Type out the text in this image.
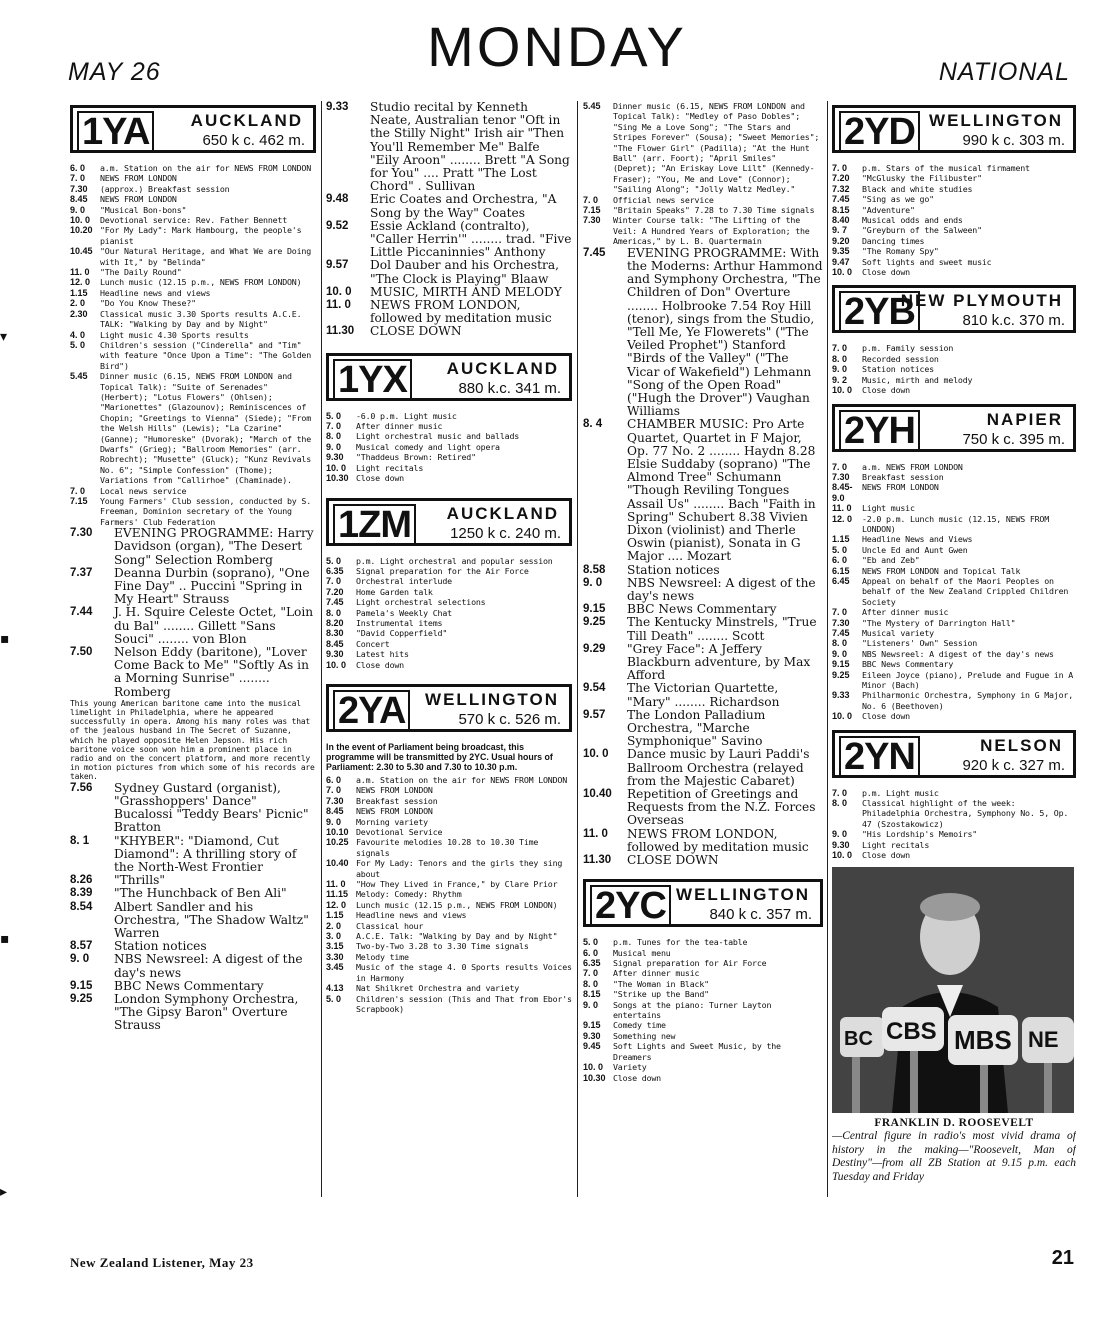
MAY 26	MONDAY	NATIONAL
1YA AUCKLAND
650 k c. 462 m.
6. 0	a.m. Station on the air for NEWS FROM LONDON
7. 0	NEWS FROM LONDON
7.30	(approx.) Breakfast session
8.45	NEWS FROM LONDON
9. 0	"Musical Bon-bons"
10. 0	Devotional service: Rev. Father Bennett
10.20 "For My Lady": Mark Hambourg, the people's pianist
10.45 "Our Natural Heritage, and What We are Doing with It," by "Belinda"
11. 0	"The Daily Round"
12. 0	Lunch music (12.15 p.m., NEWS FROM LONDON)
1.15	Headline news and views
2. 0	"Do You Know These?"
2.30	Classical music 3.30 Sports results A.C.E. TALK: "Walking by Day and by Night"
4. 0	Light music 4.30 Sports results
5. 0	Children's session ("Cinderella" and "Tim" with feature "Once Upon a Time": "The Golden Bird")
5.45	Dinner music (6.15, NEWS FROM LONDON and Topical Talk): "Suite of Serenades" (Herbert); "Lotus Flowers" (Ohlsen); "Marionettes" (Glazounov); Reminiscences of Chopin; "Greetings to Vienna" (Siede); "From the Welsh Hills" (Lewis); "La Czarine" (Ganne); "Humoreske" (Dvorak); "March of the Dwarfs" (Grieg); "Ballroom Memories" (arr. Robrecht); "Musette" (Gluck); "Kunz Revivals No. 6"; "Simple Confession" (Thome); Variations from "Callirhoe" (Chaminade).
7. 0	Local news service
7.15	Young Farmers' Club session, conducted by S. Freeman, Dominion secretary of the Young Farmers' Club Federation
7.30	EVENING PROGRAMME: Harry Davidson (organ), "The Desert Song" Selection Romberg
7.37	Deanna Durbin (soprano), "One Fine Day" .. Puccini "Spring in My Heart" Strauss
7.44	J. H. Squire Celeste Octet, "Loin du Bal" ........ Gillett "Sans Souci" ........ von Blon
7.50	Nelson Eddy (baritone), "Lover Come Back to Me" "Softly As in a Morning Sunrise" ........ Romberg
This young American baritone came into the musical limelight in Philadelphia, where he appeared successfully in opera. Among his many roles was that of the jealous husband in The Secret of Suzanne, which he played opposite Helen Jepson. His rich baritone voice soon won him a prominent place in radio and on the concert platform, and more recently in motion pictures from which some of his records are taken.
7.56	Sydney Gustard (organist), "Grasshoppers' Dance" Bucalossi "Teddy Bears' Picnic" Bratton
8. 1	"KHYBER": "Diamond, Cut Diamond": A thrilling story of the North-West Frontier
8.26	"Thrills"
8.39	"The Hunchback of Ben Ali"
8.54	Albert Sandler and his Orchestra, "The Shadow Waltz" Warren
8.57	Station notices
9. 0	NBS Newsreel: A digest of the day's news
9.15	BBC News Commentary
9.25	London Symphony Orchestra, "The Gipsy Baron" Overture Strauss
9.33	Studio recital by Kenneth Neate, Australian tenor "Oft in the Stilly Night" Irish air "Then You'll Remember Me" Balfe "Eily Aroon" ........ Brett "A Song for You" .... Pratt "The Lost Chord" . Sullivan
9.48	Eric Coates and Orchestra, "A Song by the Way" Coates
9.52	Essie Ackland (contralto), "Caller Herrin'" ........ trad. "Five Little Piccaninnies" Anthony
9.57	Dol Dauber and his Orchestra, "The Clock is Playing" Blaaw
10. 0	MUSIC, MIRTH AND MELODY
11. 0	NEWS FROM LONDON, followed by meditation music
11.30	CLOSE DOWN
1YX AUCKLAND
880 k.c. 341 m.
5. 0	-6.0 p.m. Light music
7. 0	After dinner music
8. 0	Light orchestral music and ballads
9. 0	Musical comedy and light opera
9.30	"Thaddeus Brown: Retired"
10. 0	Light recitals
10.30 Close down
1ZM AUCKLAND
1250 k c. 240 m.
5. 0	p.m. Light orchestral and popular session
6.35	Signal preparation for the Air Force
7. 0	Orchestral interlude
7.20	Home Garden talk
7.45	Light orchestral selections
8. 0	Pamela's Weekly Chat
8.20	Instrumental items
8.30	"David Copperfield"
8.45	Concert
9.30	Latest hits
10. 0	Close down
2YA WELLINGTON
570 k c. 526 m.
In the event of Parliament being broadcast, this programme will be transmitted by 2YC. Usual hours of Parliament: 2.30 to 5.30 and 7.30 to 10.30 p.m.
6. 0	a.m. Station on the air for NEWS FROM LONDON
7. 0	NEWS FROM LONDON
7.30	Breakfast session
8.45	NEWS FROM LONDON
9. 0	Morning variety
10.10 Devotional Service
10.25 Favourite melodies 10.28 to 10.30 Time signals
10.40 For My Lady: Tenors and the girls they sing about
11. 0	"How They Lived in France," by Clare Prior
11.15 Melody: Comedy: Rhythm
12. 0	Lunch music (12.15 p.m., NEWS FROM LONDON)
1.15	Headline news and views
2. 0	Classical hour
3. 0	A.C.E. Talk: "Walking by Day and by Night"
3.15	Two-by-Two 3.28 to 3.30 Time signals
3.30	Melody time
3.45	Music of the stage 4. 0 Sports results Voices in Harmony
4.13	Nat Shilkret Orchestra and variety
5. 0	Children's session (This and That from Ebor's Scrapbook)
5.45	Dinner music (6.15, NEWS FROM LONDON and Topical Talk): "Medley of Paso Dobles"; "Sing Me a Love Song"; "The Stars and Stripes Forever" (Sousa); "Sweet Memories"; "The Flower Girl" (Padilla); "At the Hunt Ball" (arr. Foort); "April Smiles" (Depret); "An Eriskay Love Lilt" (Kennedy-Fraser); "You, Me and Love" (Connor); "Sailing Along"; "Jolly Waltz Medley."
7. 0	Official news service
7.15	"Britain Speaks" 7.28 to 7.30 Time signals
7.30	Winter Course talk: "The Lifting of the Veil: A Hundred Years of Exploration; the Americas," by L. B. Quartermain
7.45	EVENING PROGRAMME: With the Moderns: Arthur Hammond and Symphony Orchestra, "The Children of Don" Overture ........ Holbrooke 7.54 Roy Hill (tenor), sings from the Studio, "Tell Me, Ye Flowerets" ("The Veiled Prophet") Stanford "Birds of the Valley" ("The Vicar of Wakefield") Lehmann "Song of the Open Road" ("Hugh the Drover") Vaughan Williams
8. 4	CHAMBER MUSIC: Pro Arte Quartet, Quartet in F Major, Op. 77 No. 2 ........ Haydn 8.28 Elsie Suddaby (soprano) "The Almond Tree" Schumann "Though Reviling Tongues Assail Us" ........ Bach "Faith in Spring" Schubert 8.38 Vivien Dixon (violinist) and Therle Oswin (pianist), Sonata in G Major .... Mozart
8.58	Station notices
9. 0	NBS Newsreel: A digest of the day's news
9.15	BBC News Commentary
9.25	The Kentucky Minstrels, "True Till Death" ........ Scott
9.29	"Grey Face": A Jeffery Blackburn adventure, by Max Afford
9.54	The Victorian Quartette, "Mary" ........ Richardson
9.57	The London Palladium Orchestra, "Marche Symphonique" Savino
10. 0	Dance music by Lauri Paddi's Ballroom Orchestra (relayed from the Majestic Cabaret)
10.40	Repetition of Greetings and Requests from the N.Z. Forces Overseas
11. 0	NEWS FROM LONDON, followed by meditation music
11.30	CLOSE DOWN
2YC WELLINGTON
840 k c. 357 m.
5. 0	p.m. Tunes for the tea-table
6. 0	Musical menu
6.35	Signal preparation for Air Force
7. 0	After dinner music
8. 0	"The Woman in Black"
8.15	"Strike up the Band"
9. 0	Songs at the piano: Turner Layton entertains
9.15	Comedy time
9.30	Something new
9.45	Soft Lights and Sweet Music, by the Dreamers
10. 0	Variety
10.30 Close down
2YD WELLINGTON
990 k c. 303 m.
7. 0	p.m. Stars of the musical firmament
7.20	"McGlusky the Filibuster"
7.32	Black and white studies
7.45	"Sing as we go"
8.15	"Adventure"
8.40	Musical odds and ends
9. 7	"Greyburn of the Salween"
9.20	Dancing times
9.35	"The Romany Spy"
9.47	Soft lights and sweet music
10. 0	Close down
2YB
NEW PLYMOUTH
810 k.c. 370 m.
7. 0	p.m. Family session
8. 0	Recorded session
9. 0	Station notices
9. 2	Music, mirth and melody
10. 0	Close down
2YH	NAPIER
750 k c. 395 m.
7. 0	a.m. NEWS FROM LONDON
7.30	Breakfast session
8.45-9.0
NEWS FROM LONDON
11. 0	Light music
12. 0	-2.0 p.m. Lunch music (12.15, NEWS FROM LONDON)
1.15	Headline News and Views
5. 0	Uncle Ed and Aunt Gwen
6. 0	"Eb and Zeb"
6.15	NEWS FROM LONDON and Topical Talk
6.45	Appeal on behalf of the Maori Peoples on behalf of the New Zealand Crippled Children Society
7. 0	After dinner music
7.30	"The Mystery of Darrington Hall"
7.45	Musical variety
8. 0	"Listeners' Own" Session
9. 0	NBS Newsreel: A digest of the day's news
9.15	BBC News Commentary
9.25	Eileen Joyce (piano), Prelude and Fugue in A Minor (Bach)
9.33	Philharmonic Orchestra, Symphony in G Major, No. 6 (Beethoven)
10. 0	Close down
2YN	NELSON
920 k c. 327 m.
7. 0	p.m. Light music
8. 0	Classical highlight of the week: Philadelphia Orchestra, Symphony No. 5, Op. 47 (Szostakowicz)
9. 0	"His Lordship's Memoirs"
9.30	Light recitals
10. 0	Close down
BC CBS MBS NE
FRANKLIN D. ROOSEVELT
—Central figure in radio's most vivid drama of history in the making—"Roosevelt, Man of Destiny"—from all ZB Station at 9.15 p.m. each Tuesday and Friday
New Zealand Listener, May 23	21
▾
▪
▪
▸
